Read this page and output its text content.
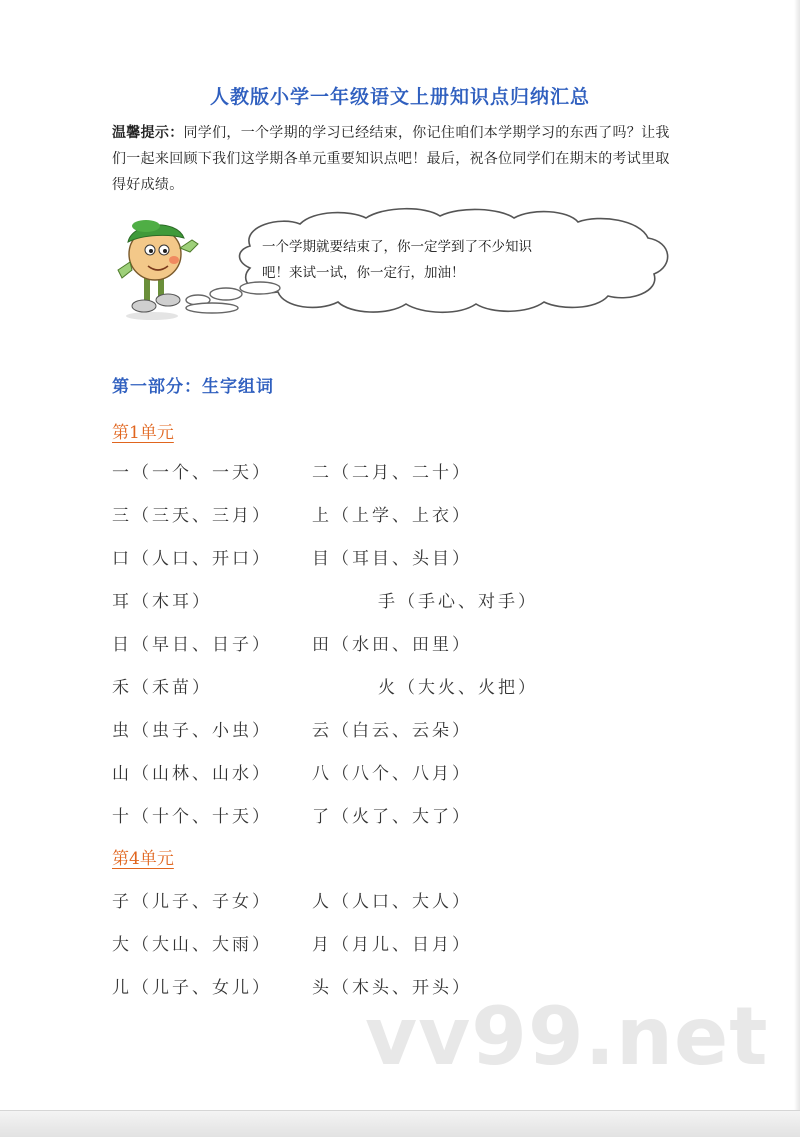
人教版小学一年级语文上册知识点归纳汇总
温馨提示：同学们，一个学期的学习已经结束，你记住咱们本学期学习的东西了吗？让我们一起来回顾下我们这学期各单元重要知识点吧！最后，祝各位同学们在期末的考试里取得好成绩。
一个学期就要结束了，你一定学到了不少知识
吧！来试一试，你一定行，加油！
第一部分：生字组词
第1单元
一（一个、一天） 二（二月、二十）
三（三天、三月） 上（上学、上衣）
口（人口、开口） 目（耳目、头目）
耳（木耳）	手（手心、对手）
日（早日、日子） 田（水田、田里）
禾（禾苗）	火（大火、火把）
虫（虫子、小虫） 云（白云、云朵）
山（山林、山水） 八（八个、八月）
十（十个、十天） 了（火了、大了）
第4单元
子（儿子、子女） 人（人口、大人）
大（大山、大雨） 月（月儿、日月）
儿（儿子、女儿） 头（木头、开头）
vv99.net
